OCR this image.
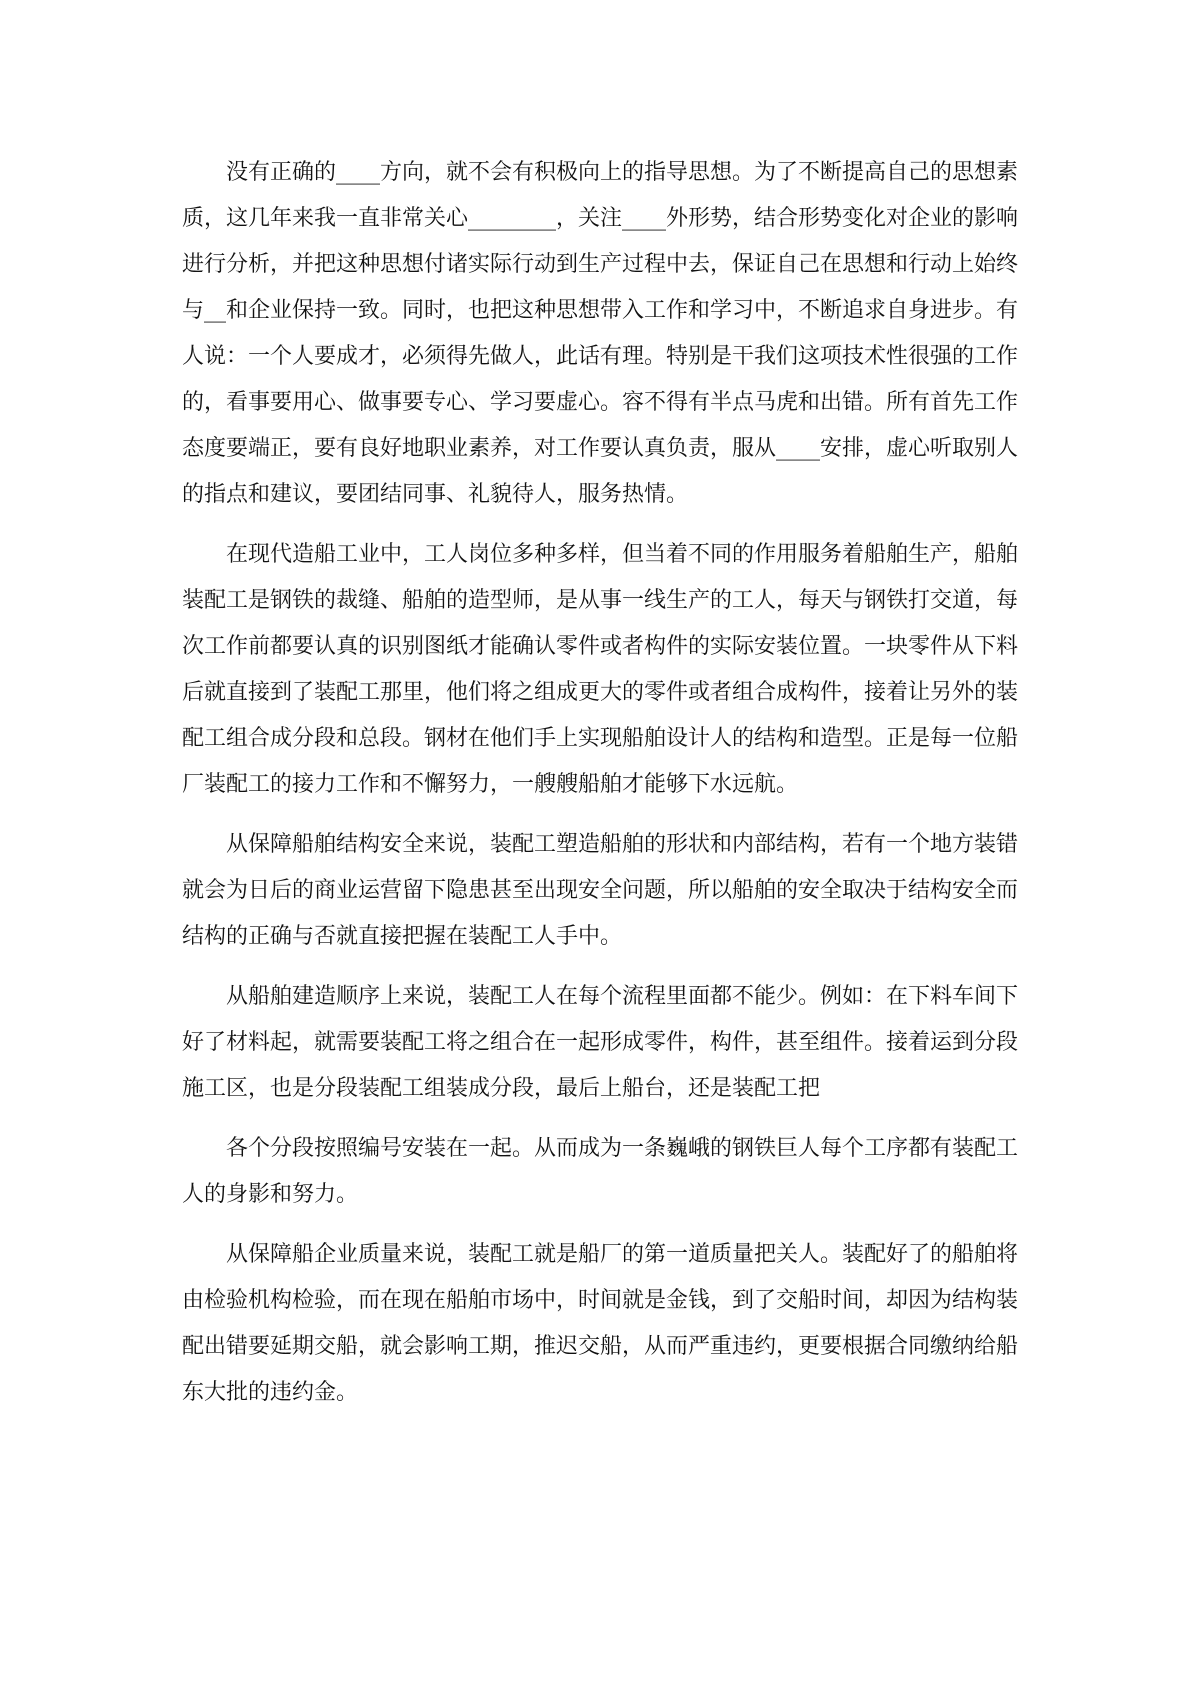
没有正确的____方向，就不会有积极向上的指导思想。为了不断提高自己的思想素质，这几年来我一直非常关心________，关注____外形势，结合形势变化对企业的影响进行分析，并把这种思想付诸实际行动到生产过程中去，保证自己在思想和行动上始终与__和企业保持一致。同时，也把这种思想带入工作和学习中，不断追求自身进步。有人说：一个人要成才，必须得先做人，此话有理。特别是干我们这项技术性很强的工作的，看事要用心、做事要专心、学习要虚心。容不得有半点马虎和出错。所有首先工作态度要端正，要有良好地职业素养，对工作要认真负责，服从____安排，虚心听取别人的指点和建议，要团结同事、礼貌待人，服务热情。

在现代造船工业中，工人岗位多种多样，但当着不同的作用服务着船舶生产，船舶装配工是钢铁的裁缝、船舶的造型师，是从事一线生产的工人，每天与钢铁打交道，每次工作前都要认真的识别图纸才能确认零件或者构件的实际安装位置。一块零件从下料后就直接到了装配工那里，他们将之组成更大的零件或者组合成构件，接着让另外的装配工组合成分段和总段。钢材在他们手上实现船舶设计人的结构和造型。正是每一位船厂装配工的接力工作和不懈努力，一艘艘船舶才能够下水远航。

从保障船舶结构安全来说，装配工塑造船舶的形状和内部结构，若有一个地方装错就会为日后的商业运营留下隐患甚至出现安全问题，所以船舶的安全取决于结构安全而结构的正确与否就直接把握在装配工人手中。

从船舶建造顺序上来说，装配工人在每个流程里面都不能少。例如：在下料车间下好了材料起，就需要装配工将之组合在一起形成零件，构件，甚至组件。接着运到分段施工区，也是分段装配工组装成分段，最后上船台，还是装配工把

各个分段按照编号安装在一起。从而成为一条巍峨的钢铁巨人每个工序都有装配工人的身影和努力。

从保障船企业质量来说，装配工就是船厂的第一道质量把关人。装配好了的船舶将由检验机构检验，而在现在船舶市场中，时间就是金钱，到了交船时间，却因为结构装配出错要延期交船，就会影响工期，推迟交船，从而严重违约，更要根据合同缴纳给船东大批的违约金。
